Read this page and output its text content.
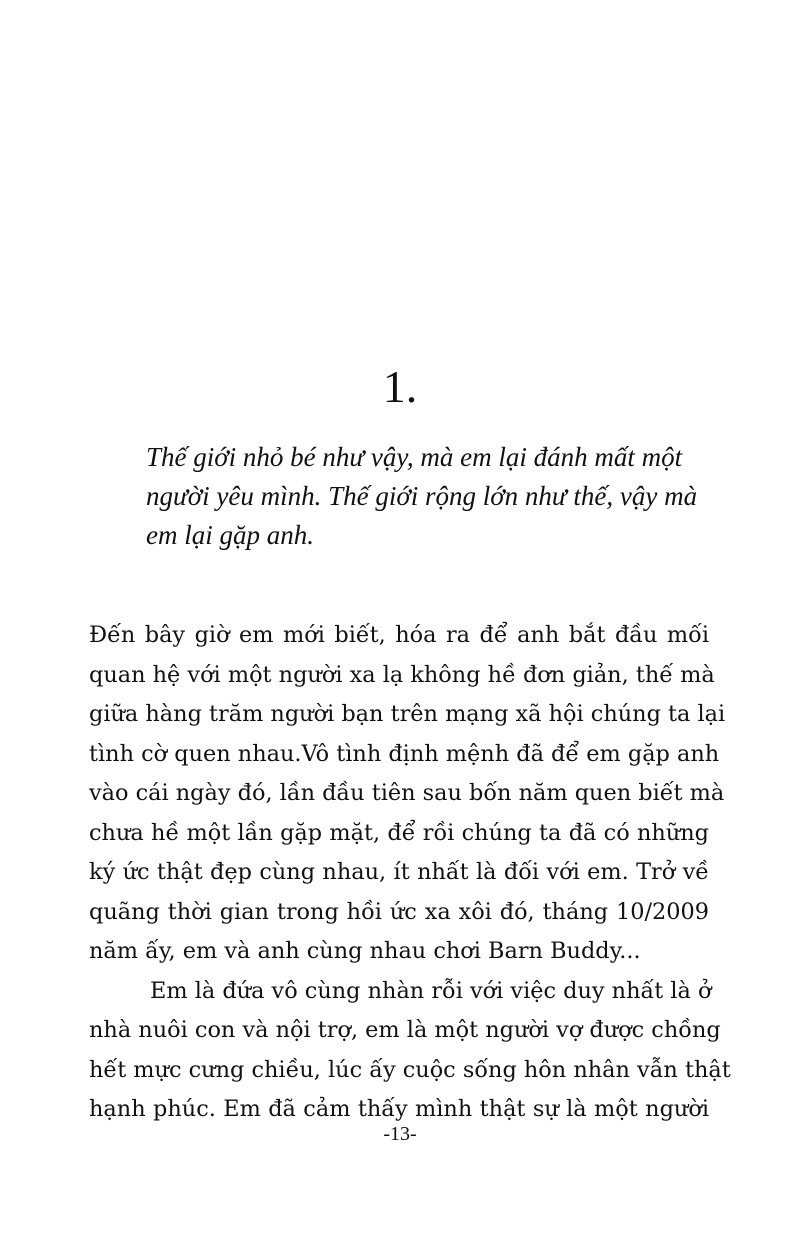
1.
Thế giới nhỏ bé như vậy, mà em lại đánh mất một
người yêu mình. Thế giới rộng lớn như thế, vậy mà
em lại gặp anh.
Đến bây giờ em mới biết, hóa ra để anh bắt đầu mối
quan hệ với một người xa lạ không hề đơn giản, thế mà
giữa hàng trăm người bạn trên mạng xã hội chúng ta lại
tình cờ quen nhau.Vô tình định mệnh đã để em gặp anh
vào cái ngày đó, lần đầu tiên sau bốn năm quen biết mà
chưa hề một lần gặp mặt, để rồi chúng ta đã có những
ký ức thật đẹp cùng nhau, ít nhất là đối với em. Trở về
quãng thời gian trong hồi ức xa xôi đó, tháng 10/2009
năm ấy, em và anh cùng nhau chơi Barn Buddy...
Em là đứa vô cùng nhàn rỗi với việc duy nhất là ở
nhà nuôi con và nội trợ, em là một người vợ được chồng
hết mực cưng chiều, lúc ấy cuộc sống hôn nhân vẫn thật
hạnh phúc. Em đã cảm thấy mình thật sự là một người
-13-
